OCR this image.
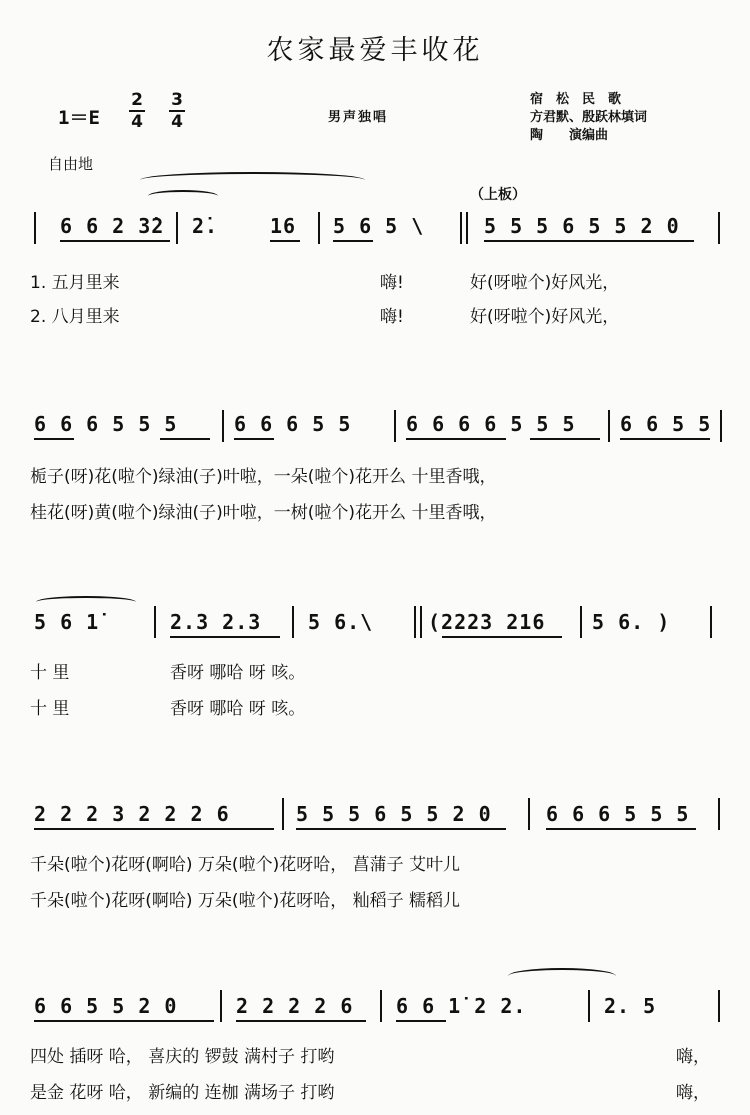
农家最爱丰收花
1＝E
2
4
3
4	男声独唱
宿　松　民　歌
方君默、殷跃林填词
陶　　演编曲
自由地
（上板）
6 6 2 3̇2 2̇.	16 5 6 5 \	5 5 5 6 5 5 2 0
1. 五月里来	嗨!	好(呀啦个)好风光，
2. 八月里来	嗨!	好(呀啦个)好风光，
6 6 6 5 5 5	6 6 6 5 5	6 6 6 6 5 5 5 6 6 5 5
栀子(呀)花(啦个)绿油(子)叶啦，一朵(啦个)花开么 十里香哦，
桂花(呀)黄(啦个)绿油(子)叶啦，一树(啦个)花开么 十里香哦，
5 6 1̇	2.3 2.3 5 6.\	(2223 216 5 6. )
十 里	香呀 哪哈 呀 咳。
十 里	香呀 哪哈 呀 咳。
2 2 2 3 2 2 2 6	5 5 5 6 5 5 2 0	6 6 6 5 5 5
千朵(啦个)花呀(啊哈) 万朵(啦个)花呀哈， 菖蒲子 艾叶儿
千朵(啦个)花呀(啊哈) 万朵(啦个)花呀哈， 籼稻子 糯稻儿
6 6 5 5 2 0	2 2 2 2 6 6 6 1̇ 2 2.	2. 5
四处 插呀 哈， 喜庆的 锣鼓 满村子 打哟	嗨，
是金 花呀 哈， 新编的 连枷 满场子 打哟	嗨，
